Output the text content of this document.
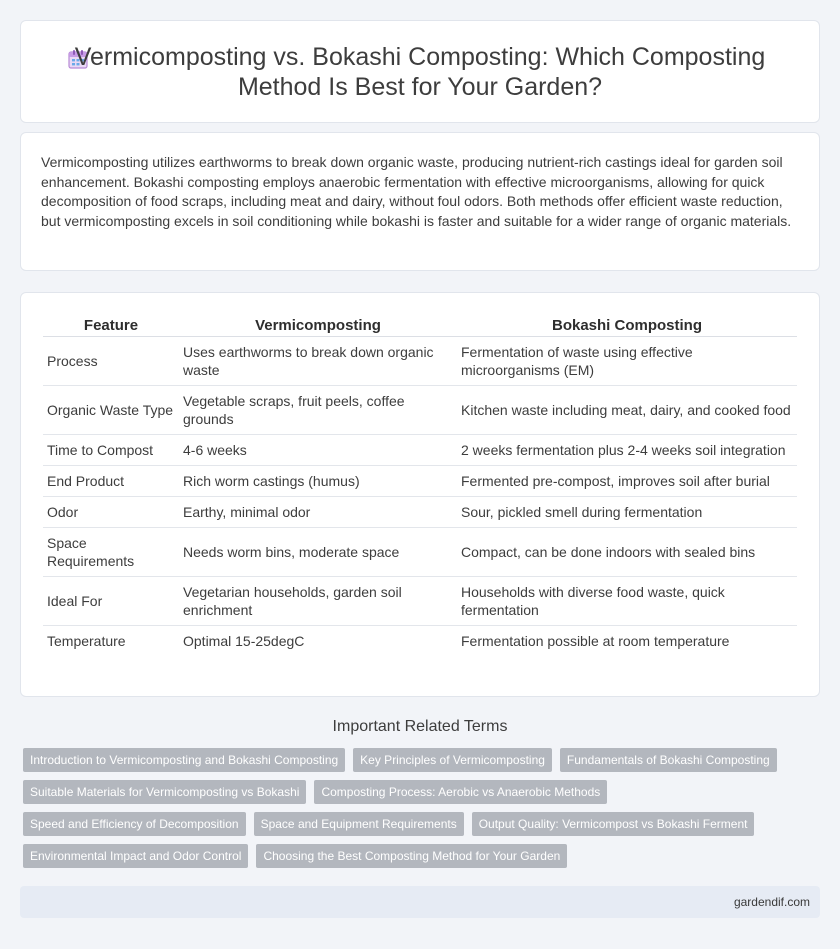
Vermicomposting vs. Bokashi Composting: Which Composting Method Is Best for Your Garden?

Vermicomposting utilizes earthworms to break down organic waste, producing nutrient-rich castings ideal for garden soil enhancement. Bokashi composting employs anaerobic fermentation with effective microorganisms, allowing for quick decomposition of food scraps, including meat and dairy, without foul odors. Both methods offer efficient waste reduction, but vermicomposting excels in soil conditioning while bokashi is faster and suitable for a wider range of organic materials.

Feature	Vermicomposting	Bokashi Composting
Process	Uses earthworms to break down organic waste	Fermentation of waste using effective microorganisms (EM)
Organic Waste Type	Vegetable scraps, fruit peels, coffee grounds	Kitchen waste including meat, dairy, and cooked food
Time to Compost	4-6 weeks	2 weeks fermentation plus 2-4 weeks soil integration
End Product	Rich worm castings (humus)	Fermented pre-compost, improves soil after burial
Odor	Earthy, minimal odor	Sour, pickled smell during fermentation
Space Requirements	Needs worm bins, moderate space	Compact, can be done indoors with sealed bins
Ideal For	Vegetarian households, garden soil enrichment	Households with diverse food waste, quick fermentation
Temperature	Optimal 15-25degC	Fermentation possible at room temperature
Important Related Terms
Introduction to Vermicomposting and Bokashi Composting	Key Principles of Vermicomposting	Fundamentals of Bokashi Composting
Suitable Materials for Vermicomposting vs Bokashi	Composting Process: Aerobic vs Anaerobic Methods
Speed and Efficiency of Decomposition	Space and Equipment Requirements	Output Quality: Vermicompost vs Bokashi Ferment
Environmental Impact and Odor Control	Choosing the Best Composting Method for Your Garden
gardendif.com
